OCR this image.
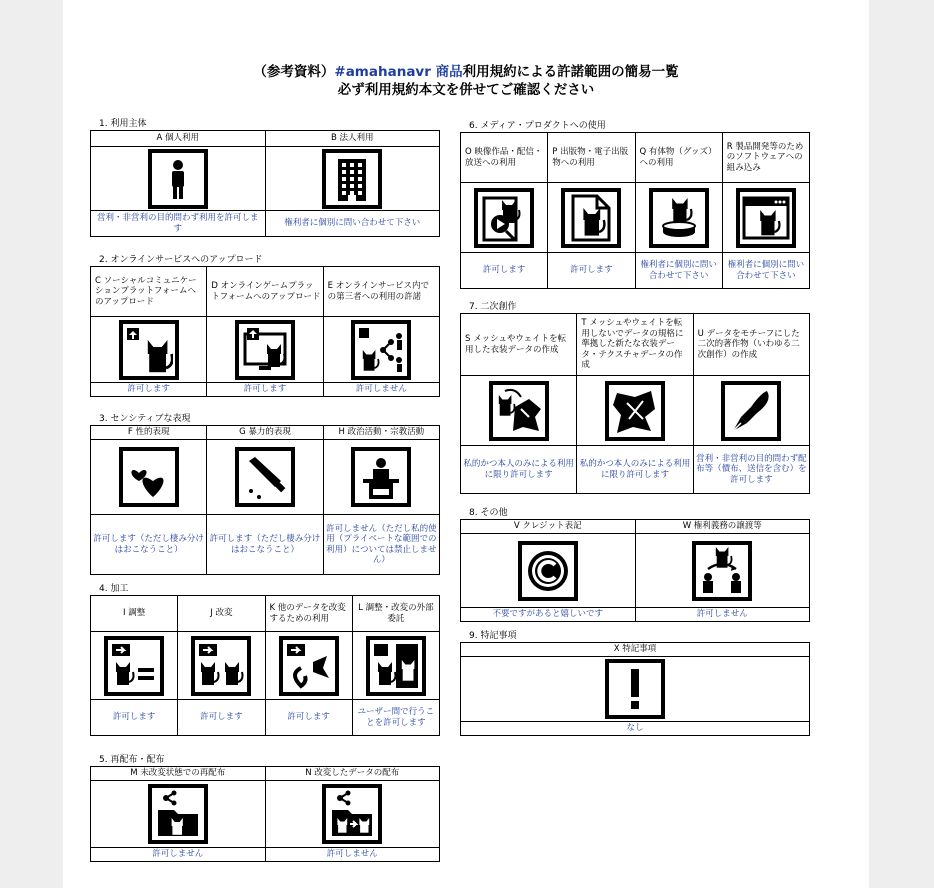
（参考資料）#amahanavr 商品利用規約による許諾範囲の簡易一覧
必ず利用規約本文を併せてご確認ください
1. 利用主体
A 個人利用	B 法人利用

営利・非営利の目的問わず利用を許可します	権利者に個別に問い合わせて下さい
2. オンラインサービスへのアップロード
C ソーシャルコミュニケーションプラットフォームへのアップロード	D オンラインゲームプラットフォームへのアップロード	E オンラインサービス内での第三者への利用の許諾

許可します	許可します	許可しません
3. センシティブな表現
F 性的表現	G 暴力的表現	H 政治活動・宗教活動

許可します（ただし棲み分けはおこなうこと）	許可します（ただし棲み分けはおこなうこと）	許可しません（ただし私的使用（プライベートな範囲での利用）については禁止しません）
4. 加工
I 調整	J 改変	K 他のデータを改変するための利用	L 調整・改変の外部委託

許可します	許可します	許可します	ユーザー間で行うことを許可します
5. 再配布・配布
M 未改変状態での再配布	N 改変したデータの配布

許可しません	許可しません
6. メディア・プロダクトへの使用
O 映像作品・配信・放送への利用	P 出版物・電子出版物への利用	Q 有体物（グッズ）への利用	R 製品開発等のためのソフトウェアへの組み込み

許可します	許可します	権利者に個別に問い合わせて下さい	権利者に個別に問い合わせて下さい
7. 二次創作
S メッシュやウェイトを転用した衣装データの作成	T メッシュやウェイトを転用しないでデータの規格に準拠した新たな衣装データ・テクスチャデータの作成	U データをモチーフにした二次的著作物（いわゆる二次創作）の作成

私的かつ本人のみによる利用に限り許可します	私的かつ本人のみによる利用に限り許可します	営利・非営利の目的問わず配布等（價布、送信を含む）を許可します
8. その他
V クレジット表記	W 権利義務の譲渡等

不要ですがあると嬉しいです	許可しません
9. 特記事項
X 特記事項

なし
